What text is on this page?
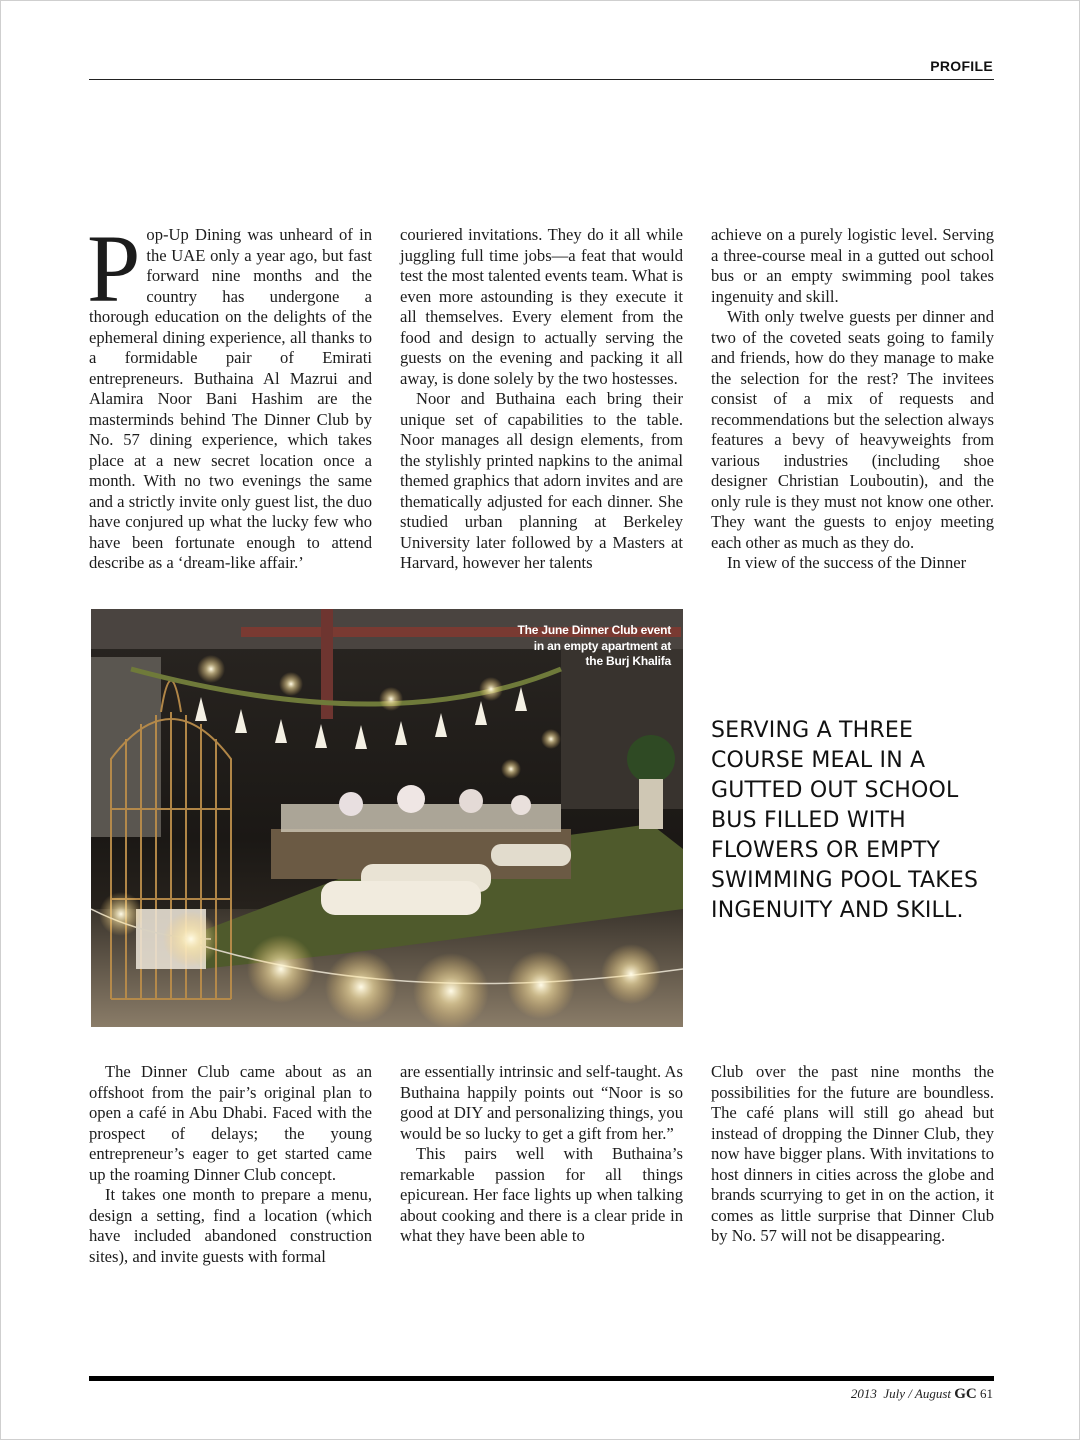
PROFILE

Pop-Up Dining was unheard of in the UAE only a year ago, but fast forward nine months and the country has undergone a thorough education on the delights of the ephemeral dining experience, all thanks to a formidable pair of Emirati entrepreneurs. Buthaina Al Mazrui and Alamira Noor Bani Hashim are the masterminds behind The Dinner Club by No. 57 dining experience, which takes place at a new secret location once a month. With no two evenings the same and a strictly invite only guest list, the duo have conjured up what the lucky few who have been fortunate enough to attend describe as a ‘dream-like affair.’

couriered invitations. They do it all while juggling full time jobs—a feat that would test the most talented events team. What is even more astounding is they execute it all themselves. Every element from the food and design to actually serving the guests on the evening and packing it all away, is done solely by the two hostesses.

Noor and Buthaina each bring their unique set of capabilities to the table. Noor manages all design elements, from the stylishly printed napkins to the animal themed graphics that adorn invites and are thematically adjusted for each dinner. She studied urban planning at Berkeley University later followed by a Masters at Harvard, however her talents

achieve on a purely logistic level. Serving a three-course meal in a gutted out school bus or an empty swimming pool takes ingenuity and skill.

With only twelve guests per dinner and two of the coveted seats going to family and friends, how do they manage to make the selection for the rest? The invitees consist of a mix of requests and recommendations but the selection always features a bevy of heavyweights from various industries (including shoe designer Christian Louboutin), and the only rule is they must not know one other. They want the guests to enjoy meeting each other as much as they do.

In view of the success of the Dinner

The June Dinner Club event
in an empty apartment at
the Burj Khalifa
SERVING A THREE
COURSE MEAL IN A
GUTTED OUT SCHOOL
BUS FILLED WITH
FLOWERS OR EMPTY
SWIMMING POOL TAKES
INGENUITY AND SKILL.

The Dinner Club came about as an offshoot from the pair’s original plan to open a café in Abu Dhabi. Faced with the prospect of delays; the young entrepreneur’s eager to get started came up the roaming Dinner Club concept.

It takes one month to prepare a menu, design a setting, find a location (which have included abandoned construction sites), and invite guests with formal

are essentially intrinsic and self-taught. As Buthaina happily points out “Noor is so good at DIY and personalizing things, you would be so lucky to get a gift from her.”

This pairs well with Buthaina’s remarkable passion for all things epicurean. Her face lights up when talking about cooking and there is a clear pride in what they have been able to

Club over the past nine months the possibilities for the future are boundless. The café plans will still go ahead but instead of dropping the Dinner Club, they now have bigger plans. With invitations to host dinners in cities across the globe and brands scurrying to get in on the action, it comes as little surprise that Dinner Club by No. 57 will not be disappearing.

2013 July / August GC 61
